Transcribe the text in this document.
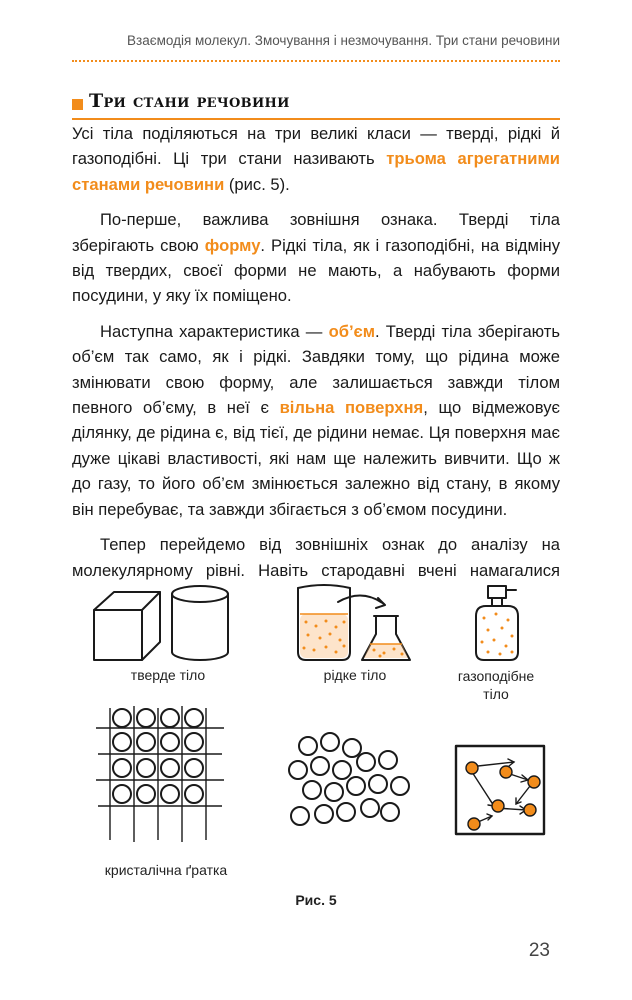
Взаємодія молекул. Змочування і незмочування. Три стани речовини
Три стани речовини

Усі тіла поділяються на три великі класи — тверді, рідкі й газоподібні. Ці три стани називають трьома агрегатними станами речовини (рис. 5).

По-перше, важлива зовнішня ознака. Тверді тіла зберігають свою форму. Рідкі тіла, як і газоподібні, на відміну від твердих, своєї форми не мають, а набувають форми посудини, у яку їх поміщено.

Наступна характеристика — об’єм. Тверді тіла зберігають об’єм так само, як і рідкі. Завдяки тому, що рідина може змінювати свою форму, але залишається завжди тілом певного об’єму, в неї є вільна поверхня, що відмежовує ділянку, де рідина є, від тієї, де рідини немає. Ця поверхня має дуже цікаві властивості, які нам ще належить вивчити. Що ж до газу, то його об’єм змінюється залежно від стану, в якому він перебуває, та завжди збігається з об’ємом посудини.

Тепер перейдемо від зовнішніх ознак до аналізу на молекулярному рівні. Навіть стародавні вчені намагалися

тверде тіло	рідке тіло	газоподібне
тіло
кристалічна ґратка
Рис. 5
23
